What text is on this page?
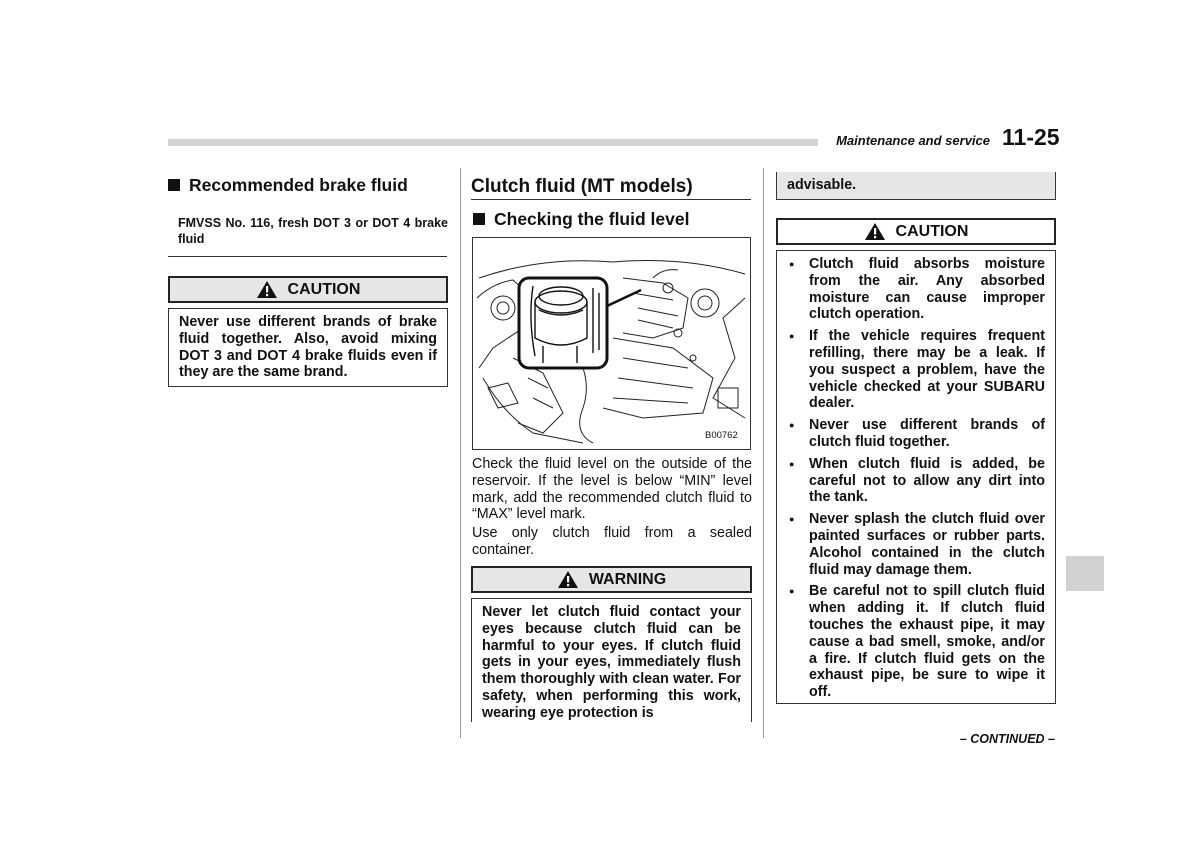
Maintenance and service 11-25
Recommended brake fluid
FMVSS No. 116, fresh DOT 3 or DOT 4 brake fluid
CAUTION
Never use different brands of brake fluid together. Also, avoid mixing DOT 3 and DOT 4 brake fluids even if they are the same brand.
Clutch fluid (MT models)
Checking the fluid level
B00762
Check the fluid level on the outside of the reservoir. If the level is below “MIN” level mark, add the recommended clutch fluid to “MAX” level mark.
Use only clutch fluid from a sealed container.
WARNING
Never let clutch fluid contact your eyes because clutch fluid can be harmful to your eyes. If clutch fluid gets in your eyes, immediately flush them thoroughly with clean water. For safety, when performing this work, wearing eye protection is
advisable.
CAUTION
● Clutch fluid absorbs moisture from the air. Any absorbed moisture can cause improper clutch operation.
● If the vehicle requires frequent refilling, there may be a leak. If you suspect a problem, have the vehicle checked at your SUBARU dealer.
● Never use different brands of clutch fluid together.
● When clutch fluid is added, be careful not to allow any dirt into the tank.
● Never splash the clutch fluid over painted surfaces or rubber parts. Alcohol contained in the clutch fluid may damage them.
● Be careful not to spill clutch fluid when adding it. If clutch fluid touches the exhaust pipe, it may cause a bad smell, smoke, and/or a fire. If clutch fluid gets on the exhaust pipe, be sure to wipe it off.
– CONTINUED –
